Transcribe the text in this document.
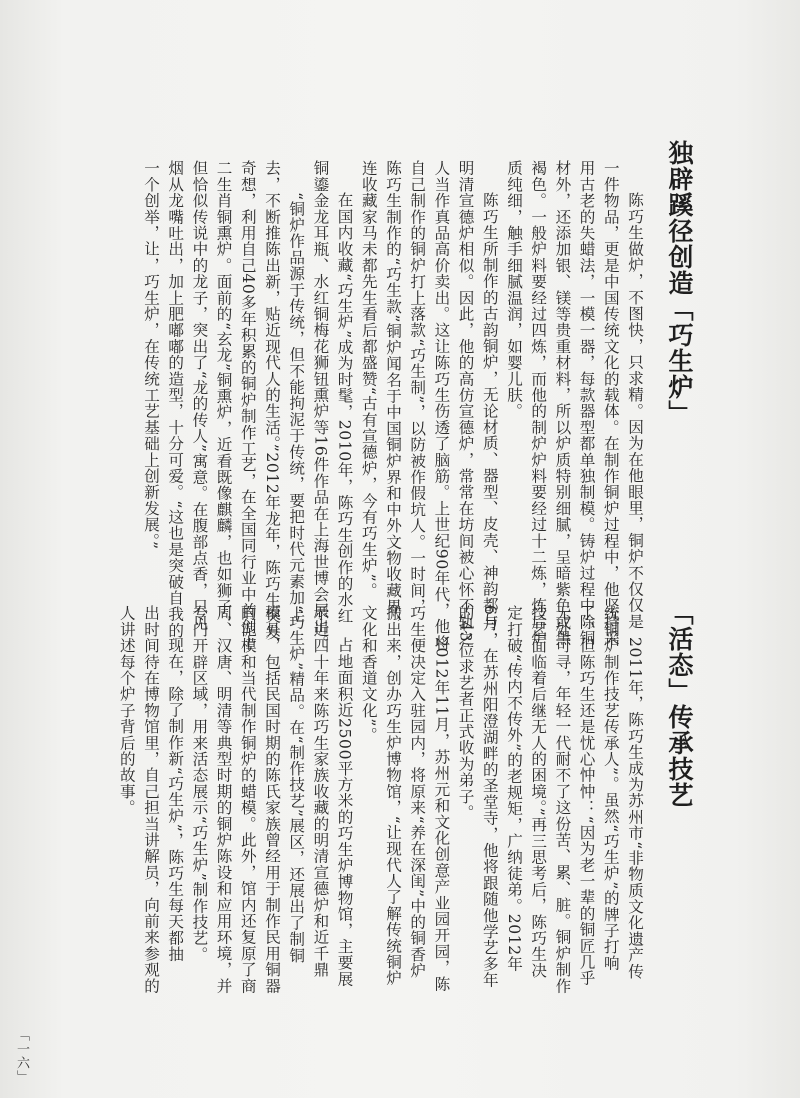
独辟蹊径创造「巧生炉」
陈巧生做炉，不图快，只求精。因为在他眼里，铜炉不仅仅是
一件物品，更是中国传统文化的载体。在制作铜炉过程中，他坚持采
用古老的失蜡法，一模一器，每款器型都单独制模。铸炉过程中除铜
材外，还添加银、镁等贵重材料，所以炉质特别细腻，呈暗紫色或黑
褐色。一般炉料要经过四炼，而他的制炉炉料要经过十二炼，炼后炉
质纯细，触手细腻温润，如婴儿肤。
陈巧生所制作的古韵铜炉，无论材质、器型、皮壳、神韵都与
明清宣德炉相似。因此，他的高仿宣德炉，常常在坊间被心怀不轨之
人当作真品高价卖出。这让陈巧生伤透了脑筋。上世纪90年代，他将
自己制作的铜炉打上落款“巧生制”，以防被作假坑人。一时间，
陈巧生制作的“巧生款”铜炉闻名于中国铜炉界和中外文物收藏界，
连收藏家马未都先生看后都盛赞“古有宣德炉，今有巧生炉”。
在国内收藏“巧生炉”成为时髦，2010年，陈巧生创作的水红
铜鎏金龙耳瓶、水红铜梅花狮钮熏炉等16件作品在上海世博会展出。
“铜炉作品源于传统，但不能拘泥于传统，要把时代元素加上
去，不断推陈出新，贴近现代人的生活。”2012年龙年，陈巧生突发
奇想，利用自己40多年积累的铜炉制作工艺，在全国同行业中首创十
二生肖铜熏炉。面前的“玄龙”铜熏炉，近看既像麒麟，也如狮子，
但恰似传说中的龙子，突出了“龙的传人”寓意。在腹部点香，只见
烟从龙嘴吐出，加上肥嘟嘟的造型，十分可爱。“这也是突破自我的
一个创举，让，巧生炉，在传统工艺基础上创新发展。”
「活态」传承技艺
2011年，陈巧生成为苏州市“非物质文化遗产传
统铜炉制作技艺传承人”。虽然“巧生炉”的牌子打响
了，但陈巧生还是忧心忡忡：“因为老一辈的铜匠几乎
无处可寻，年轻一代耐不了这份苦、累、脏。铜炉制作
技艺面临着后继无人的困境。”再三思考后，陈巧生决
定打破“传内不传外”的老规矩，广纳徒弟。2012年
6月，在苏州阳澄湖畔的圣堂寺，他将跟随他学艺多年
的43位求艺者正式收为弟子。
2012年11月，苏州元和文化创意产业园开园，陈
巧生便决定入驻园内，将原来“养在深闺”中的铜香炉
搬出来，创办巧生炉博物馆，“让现代人了解传统铜炉
文化和香道文化”。
占地面积近2500平方米的巧生炉博物馆，主要展
示近四十年来陈巧生家族收藏的明清宣德炉和近千鼎
“巧生炉”精品。在“制作技艺”展区，还展出了制铜
模具，包括民国时期的陈氏家族曾经用于制作民用铜器
的泥模和当代制作铜炉的蜡模。此外，馆内还复原了商
周、汉唐、明清等典型时期的铜炉陈设和应用环境，并
专门开辟区域，用来活态展示“巧生炉”制作技艺。
现在，除了制作新“巧生炉”，陈巧生每天都抽
出时间待在博物馆里，自己担当讲解员，向前来参观的
人讲述每个炉子背后的故事。
「一六」
